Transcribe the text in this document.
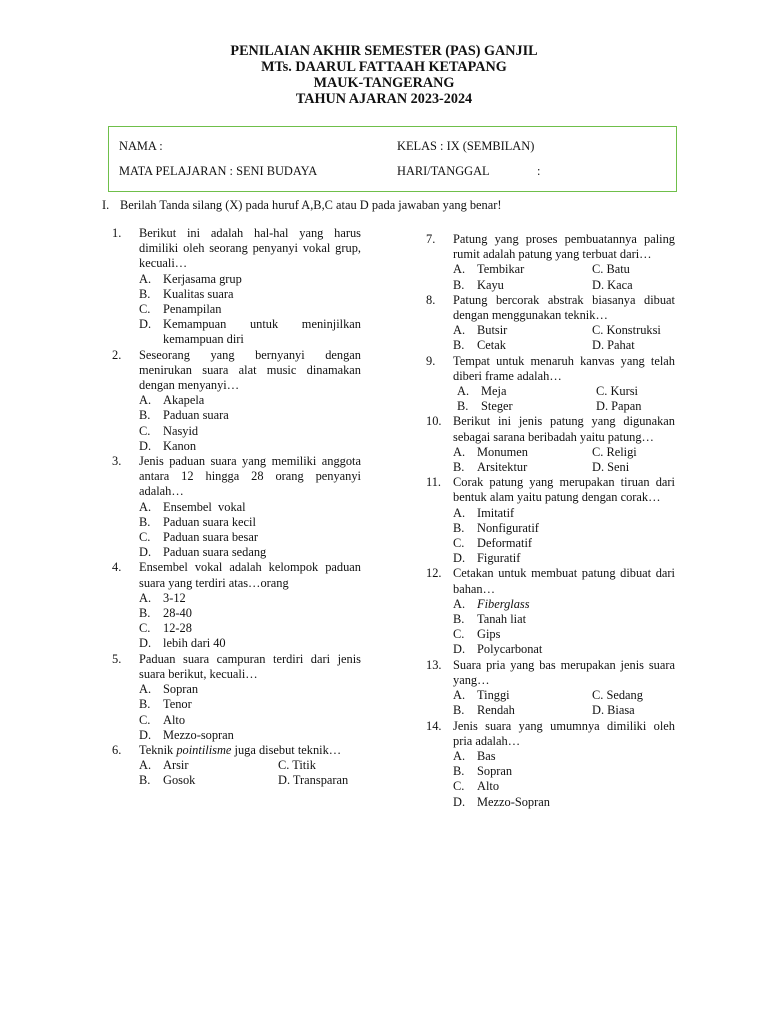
PENILAIAN AKHIR SEMESTER (PAS) GANJIL
MTs. DAARUL FATTAAH KETAPANG
MAUK-TANGERANG
TAHUN AJARAN 2023-2024
NAMA :	KELAS : IX (SEMBILAN)
MATA PELAJARAN : SENI BUDAYA	HARI/TANGGAL	:
I. Berilah Tanda silang (X) pada huruf A,B,C atau D pada jawaban yang benar!
1.	Berikut ini adalah hal-hal yang harus dimiliki oleh seorang penyanyi vokal grup, kecuali…
A. Kerjasama grup
B.	Kualitas suara
C.	Penampilan
D. Kemampuan untuk meninjilkan
kemampuan diri
2.	Seseorang yang bernyanyi dengan menirukan suara alat music dinamakan dengan menyanyi…
A. Akapela
B.	Paduan suara
C.	Nasyid
D. Kanon
3.	Jenis paduan suara yang memiliki anggota antara 12 hingga 28 orang penyanyi adalah…
A. Ensembel  vokal
B.	Paduan suara kecil
C.	Paduan suara besar
D. Paduan suara sedang
4.	Ensembel vokal adalah kelompok paduan suara yang terdiri atas…orang
A. 3-12
B.	28-40
C.	12-28
D. lebih dari 40
5.	Paduan suara campuran terdiri dari jenis suara berikut, kecuali…
A. Sopran
B.	Tenor
C.	Alto
D. Mezzo-sopran
6.	Teknik pointilisme juga disebut teknik…
A. Arsir	C. Titik
B.	Gosok	D. Transparan
7.	Patung yang proses pembuatannya paling rumit adalah patung yang terbuat dari…
A. Tembikar	C. Batu
B.	Kayu	D. Kaca
8.	Patung bercorak abstrak biasanya dibuat dengan menggunakan teknik…
A. Butsir	C. Konstruksi
B.	Cetak	D. Pahat
9.	Tempat untuk menaruh kanvas yang telah diberi frame adalah…
A. Meja	C. Kursi
B.	Steger	D. Papan
10. Berikut ini jenis patung yang digunakan sebagai sarana beribadah yaitu patung…
A. Monumen	C. Religi
B.	Arsitektur	D. Seni
11. Corak patung yang merupakan tiruan dari bentuk alam yaitu patung dengan corak…
A. Imitatif
B.	Nonfiguratif
C.	Deformatif
D. Figuratif
12. Cetakan untuk membuat patung dibuat dari bahan…
A. Fiberglass
B.	Tanah liat
C.	Gips
D. Polycarbonat
13. Suara pria yang bas merupakan jenis suara yang…
A. Tinggi	C. Sedang
B.	Rendah	D. Biasa
14. Jenis suara yang umumnya dimiliki oleh pria adalah…
A. Bas
B.	Sopran
C.	Alto
D. Mezzo-Sopran
